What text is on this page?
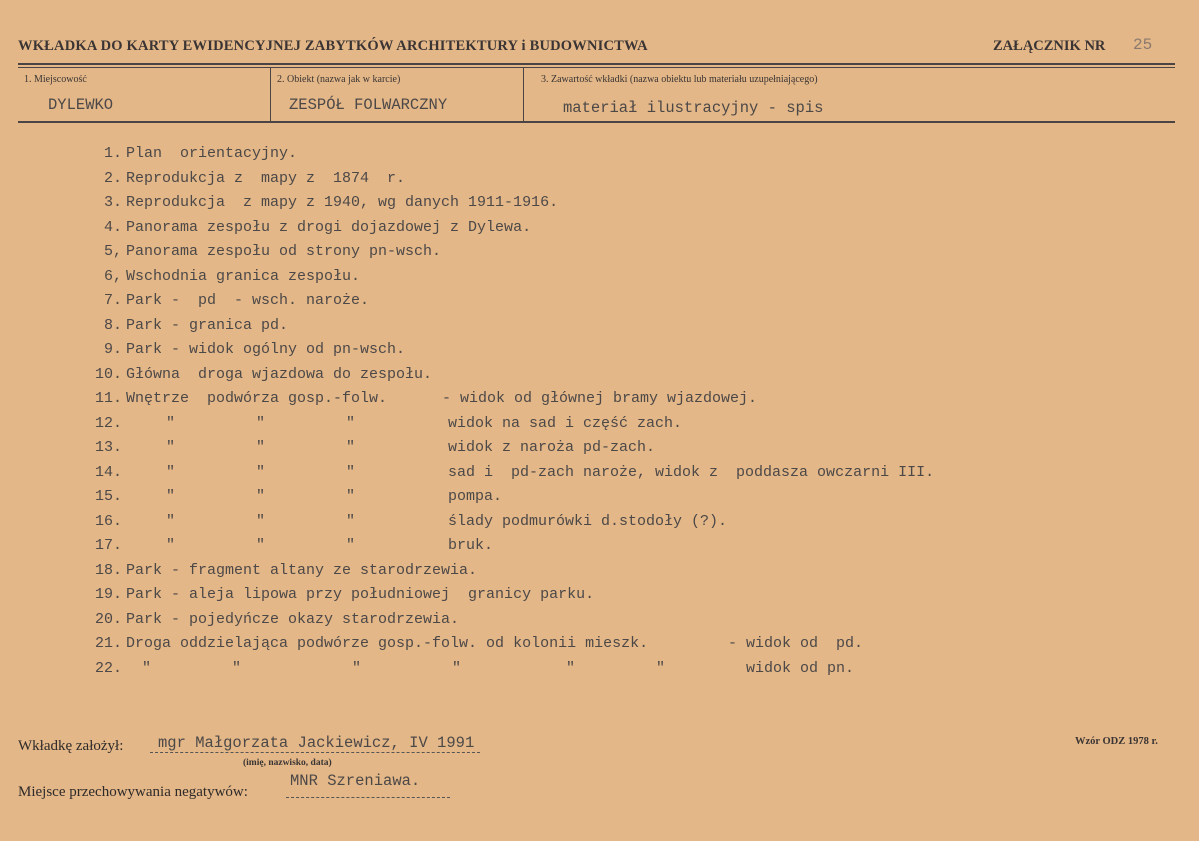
WKŁADKA DO KARTY EWIDENCYJNEJ ZABYTKÓW ARCHITEKTURY i BUDOWNICTWA	ZAŁĄCZNIK NR 25
1. Miejscowość
DYLEWKO
2. Obiekt (nazwa jak w karcie)
ZESPÓŁ FOLWARCZNY
3. Zawartość wkładki (nazwa obiektu lub materiału uzupełniającego)
materiał ilustracyjny - spis
1. Plan  orientacyjny.
2. Reprodukcja z  mapy z  1874  r.
3. Reprodukcja  z mapy z 1940, wg danych 1911-1916.
4. Panorama zespołu z drogi dojazdowej z Dylewa.
5, Panorama zespołu od strony pn-wsch.
6, Wschodnia granica zespołu.
7. Park -  pd  - wsch. naroże.
8. Park - granica pd.
9. Park - widok ogólny od pn-wsch.
10. Główna  droga wjazdowa do zespołu.
11. Wnętrze  podwórza gosp.-folw.	- widok od głównej bramy wjazdowej.
12.	"	"	"	widok na sad i część zach.
13.	"	"	"	widok z naroża pd-zach.
14.	"	"	"	sad i  pd-zach naroże, widok z  poddasza owczarni III.
15.	"	"	"	pompa.
16.	"	"	"	ślady podmurówki d.stodoły (?).
17.	"	"	"	bruk.
18. Park - fragment altany ze starodrzewia.
19. Park - aleja lipowa przy południowej  granicy parku.
20. Park - pojedyńcze okazy starodrzewia.
21. Droga oddzielająca podwórze gosp.-folw. od kolonii mieszk.	- widok od  pd.
22. "	"	"	"	"	"	widok od pn.
Wkładkę założył: mgr Małgorzata Jackiewicz, IV 1991
(imię, nazwisko, data)
Miejsce przechowywania negatywów:
MNR Szreniawa.
Wzór ODZ 1978 r.
